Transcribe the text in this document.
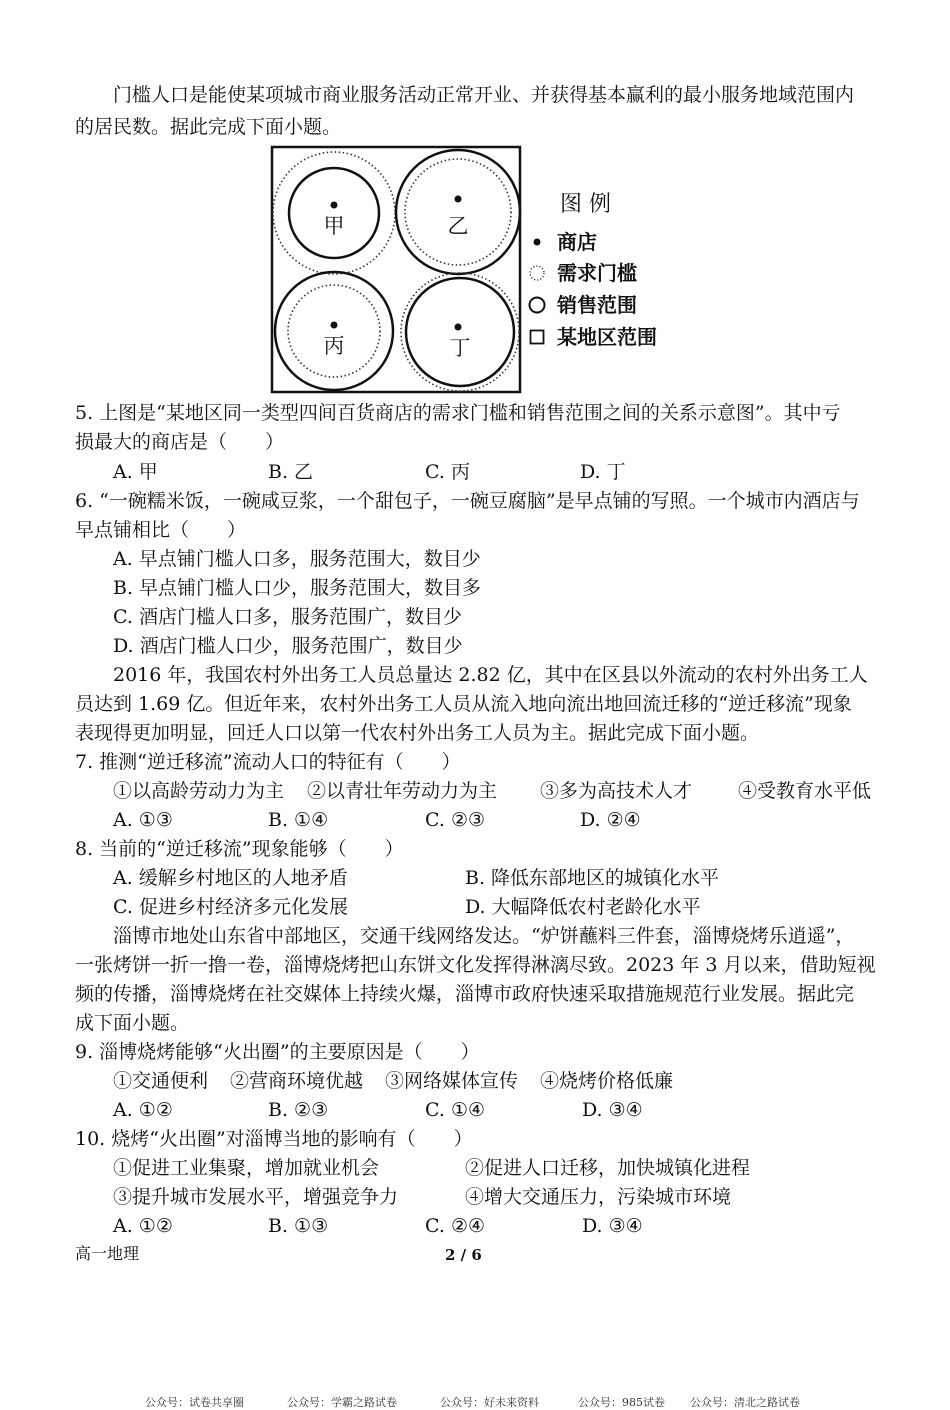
门槛人口是能使某项城市商业服务活动正常开业、并获得基本赢利的最小服务地域范围内
的居民数。据此完成下面小题。
甲	乙
丙	丁
图 例
商店
需求门槛
销售范围
某地区范围
5. 上图是“某地区同一类型四间百货商店的需求门槛和销售范围之间的关系示意图”。其中亏
损最大的商店是（　　）
A. 甲	B. 乙	C. 丙	D. 丁
6. “一碗糯米饭，一碗咸豆浆，一个甜包子，一碗豆腐脑”是早点铺的写照。一个城市内酒店与
早点铺相比（　　）
A. 早点铺门槛人口多，服务范围大，数目少
B. 早点铺门槛人口少，服务范围大，数目多
C. 酒店门槛人口多，服务范围广，数目少
D. 酒店门槛人口少，服务范围广，数目少
2016 年，我国农村外出务工人员总量达 2.82 亿，其中在区县以外流动的农村外出务工人
员达到 1.69 亿。但近年来，农村外出务工人员从流入地向流出地回流迁移的“逆迁移流”现象
表现得更加明显，回迁人口以第一代农村外出务工人员为主。据此完成下面小题。
7. 推测“逆迁移流”流动人口的特征有（　　）
①以高龄劳动力为主 ②以青壮年劳动力为主 ③多为高技术人才 ④受教育水平低
A. ①③	B. ①④	C. ②③	D. ②④
8. 当前的“逆迁移流”现象能够（　　）
A. 缓解乡村地区的人地矛盾	B. 降低东部地区的城镇化水平
C. 促进乡村经济多元化发展	D. 大幅降低农村老龄化水平
淄博市地处山东省中部地区，交通干线网络发达。“炉饼蘸料三件套，淄博烧烤乐逍遥”，
一张烤饼一折一撸一卷，淄博烧烤把山东饼文化发挥得淋漓尽致。2023 年 3 月以来，借助短视
频的传播，淄博烧烤在社交媒体上持续火爆，淄博市政府快速采取措施规范行业发展。据此完
成下面小题。
9. 淄博烧烤能够“火出圈”的主要原因是（　　）
①交通便利 ②营商环境优越 ③网络媒体宣传 ④烧烤价格低廉
A. ①②	B. ②③	C. ①④	D. ③④
10. 烧烤“火出圈”对淄博当地的影响有（　　）
①促进工业集聚，增加就业机会	②促进人口迁移，加快城镇化进程
③提升城市发展水平，增强竞争力	④增大交通压力，污染城市环境
A. ①②	B. ①③	C. ②④	D. ③④
高一地理	2 / 6
公众号：试卷共享圈	公众号：学霸之路试卷	公众号：好未来资料	公众号：985试卷 公众号：清北之路试卷
